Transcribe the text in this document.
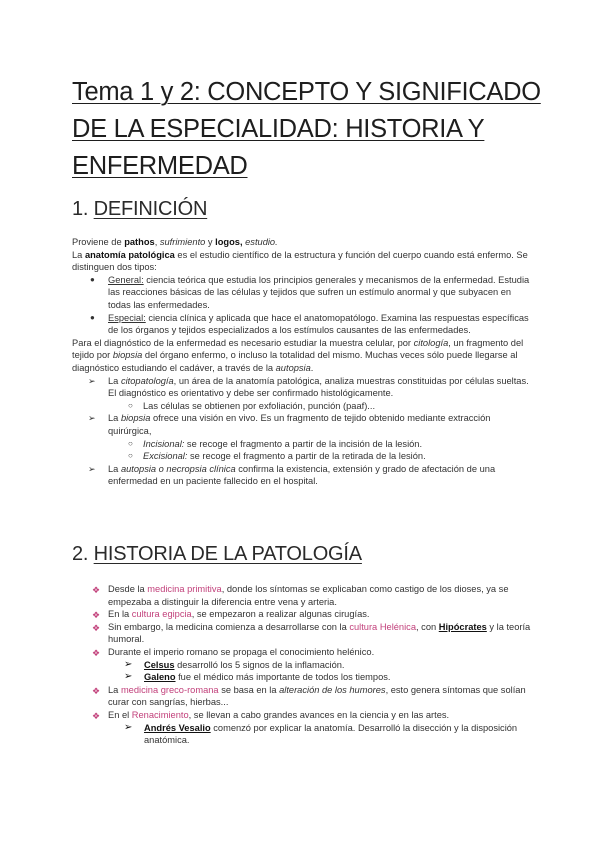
Tema 1 y 2: CONCEPTO Y SIGNIFICADO DE LA ESPECIALIDAD: HISTORIA Y ENFERMEDAD
1. DEFINICIÓN

Proviene de pathos, sufrimiento y logos, estudio.

La anatomía patológica es el estudio científico de la estructura y función del cuerpo cuando está enfermo. Se distinguen dos tipos:

● General: ciencia teórica que estudia los principios generales y mecanismos de la enfermedad. Estudia las reacciones básicas de las células y tejidos que sufren un estímulo anormal y que subyacen en todas las enfermedades.
● Especial: ciencia clínica y aplicada que hace el anatomopatólogo. Examina las respuestas específicas de los órganos y tejidos especializados a los estímulos causantes de las enfermedades.

Para el diagnóstico de la enfermedad es necesario estudiar la muestra celular, por citología, un fragmento del tejido por biopsia del órgano enfermo, o incluso la totalidad del mismo. Muchas veces sólo puede llegarse al diagnóstico estudiando el cadáver, a través de la autopsia.

➢ La citopatología, un área de la anatomía patológica, analiza muestras constituidas por células sueltas. El diagnóstico es orientativo y debe ser confirmado histológicamente.
○ Las células se obtienen por exfoliación, punción (paaf)...
➢ La biopsia ofrece una visión en vivo. Es un fragmento de tejido obtenido mediante extracción quirúrgica,
○ Incisional: se recoge el fragmento a partir de la incisión de la lesión.
○ Excisional: se recoge el fragmento a partir de la retirada de la lesión.
➢ La autopsia o necropsia clínica confirma la existencia, extensión y grado de afectación de una enfermedad en un paciente fallecido en el hospital.
2. HISTORIA DE LA PATOLOGÍA
❖ Desde la medicina primitiva, donde los síntomas se explicaban como castigo de los dioses, ya se empezaba a distinguir la diferencia entre vena y arteria.
❖ En la cultura egipcia, se empezaron a realizar algunas cirugías.
❖ Sin embargo, la medicina comienza a desarrollarse con la cultura Helénica, con Hipócrates y la teoría humoral.
❖ Durante el imperio romano se propaga el conocimiento helénico.
➢ Celsus desarrolló los 5 signos de la inflamación.
➢ Galeno fue el médico más importante de todos los tiempos.
❖ La medicina greco-romana se basa en la alteración de los humores, esto genera síntomas que solían curar con sangrías, hierbas...
❖ En el Renacimiento, se llevan a cabo grandes avances en la ciencia y en las artes.
➢ Andrés Vesalio comenzó por explicar la anatomía. Desarrolló la disección y la disposición anatómica.
